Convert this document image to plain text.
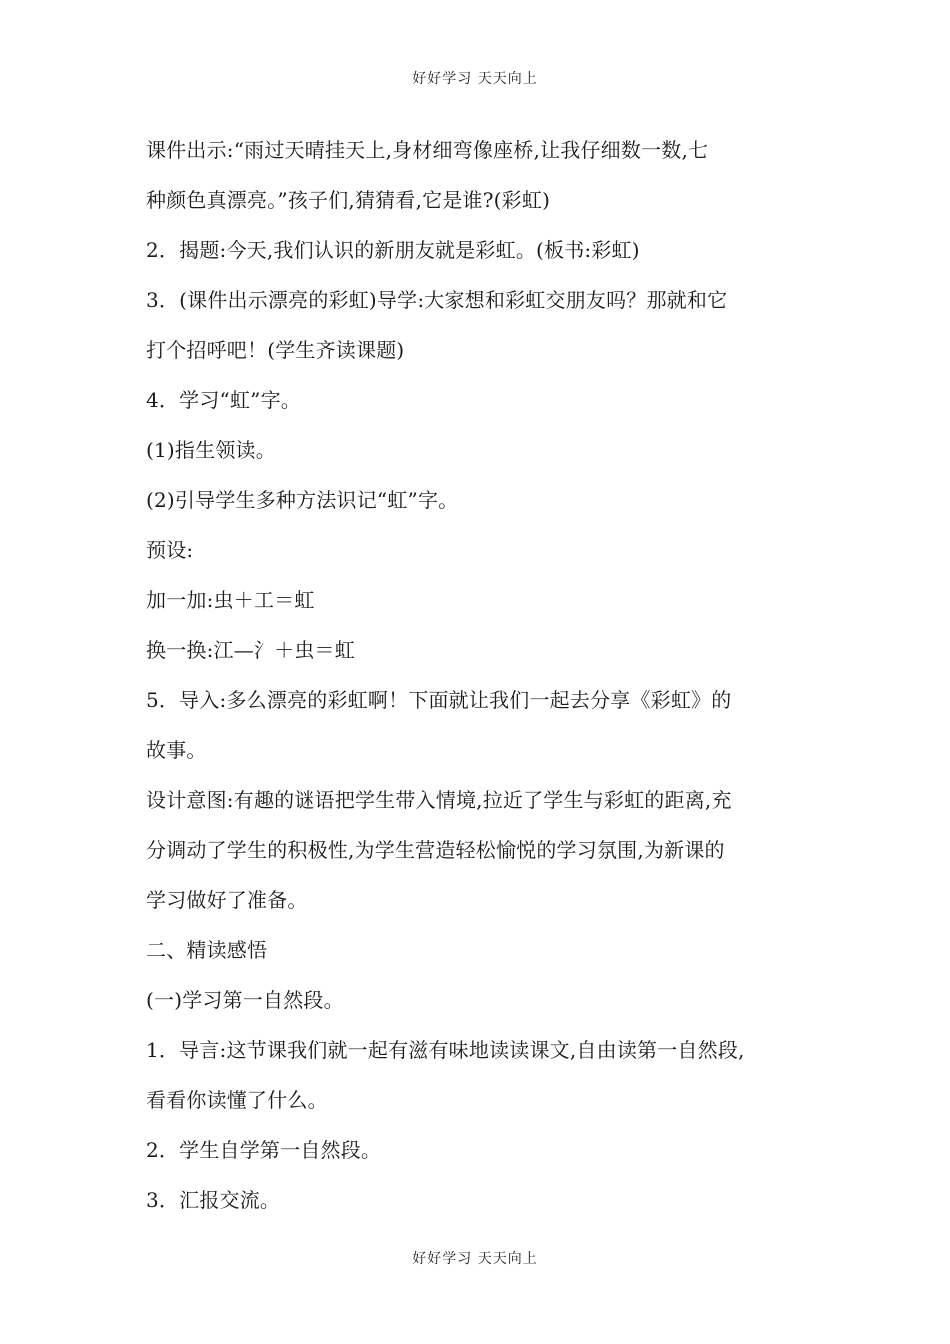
好好学习 天天向上
课件出示:“雨过天晴挂天上,身材细弯像座桥,让我仔细数一数,七
种颜色真漂亮。”孩子们,猜猜看,它是谁?(彩虹)
2．揭题:今天,我们认识的新朋友就是彩虹。(板书:彩虹)
3．(课件出示漂亮的彩虹)导学:大家想和彩虹交朋友吗？那就和它
打个招呼吧！(学生齐读课题)
4．学习“虹”字。
(1)指生领读。
(2)引导学生多种方法识记“虹”字。
预设:
加一加:虫＋工＝虹
换一换:江—氵＋虫＝虹
5．导入:多么漂亮的彩虹啊！下面就让我们一起去分享《彩虹》的
故事。
设计意图:有趣的谜语把学生带入情境,拉近了学生与彩虹的距离,充
分调动了学生的积极性,为学生营造轻松愉悦的学习氛围,为新课的
学习做好了准备。
二、精读感悟
(一)学习第一自然段。
1．导言:这节课我们就一起有滋有味地读读课文,自由读第一自然段,
看看你读懂了什么。
2．学生自学第一自然段。
3．汇报交流。
好好学习 天天向上
